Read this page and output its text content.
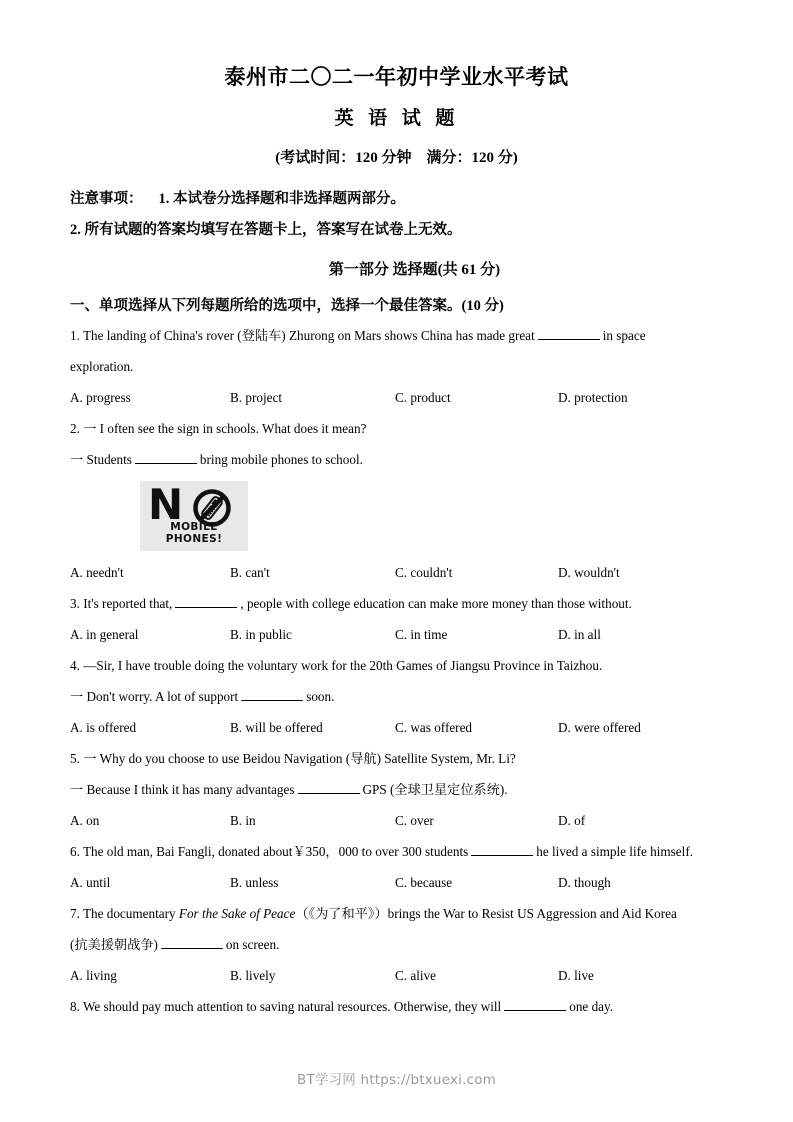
泰州市二〇二一年初中学业水平考试
英 语 试 题

(考试时间：120 分钟　满分：120 分)

注意事项： 1. 本试卷分选择题和非选择题两部分。

2. 所有试题的答案均填写在答题卡上，答案写在试卷上无效。

第一部分 选择题(共 61 分)

一、单项选择从下列每题所给的选项中，选择一个最佳答案。(10 分)

1. The landing of China's rover (登陆车) Zhurong on Mars shows China has made great	in space

exploration.

A. progress	B. project	C. product	D. protection

2. 一 I often see the sign in schools. What does it mean?

一 Students	bring mobile phones to school.

N
MOBILE PHONES!
A. needn't	B. can't	C. couldn't	D. wouldn't

3. It's reported that,	, people with college education can make more money than those without.

A. in general	B. in public	C. in time	D. in all

4. —Sir, I have trouble doing the voluntary work for the 20th Games of Jiangsu Province in Taizhou.

一 Don't worry. A lot of support	soon.

A. is offered	B. will be offered	C. was offered	D. were offered

5. 一 Why do you choose to use Beidou Navigation (导航) Satellite System, Mr. Li?

一 Because I think it has many advantages	GPS (全球卫星定位系统).

A. on	B. in	C. over	D. of

6. The old man, Bai Fangli, donated about￥350，000 to over 300 students	he lived a simple life himself.

A. until	B. unless	C. because	D. though

7. The documentary For the Sake of Peace（《为了和平》）brings the War to Resist US Aggression and Aid Korea

(抗美援朝战争)	on screen.

A. living	B. lively	C. alive	D. live

8. We should pay much attention to saving natural resources. Otherwise, they will	one day.

BT学习网 https://btxuexi.com
